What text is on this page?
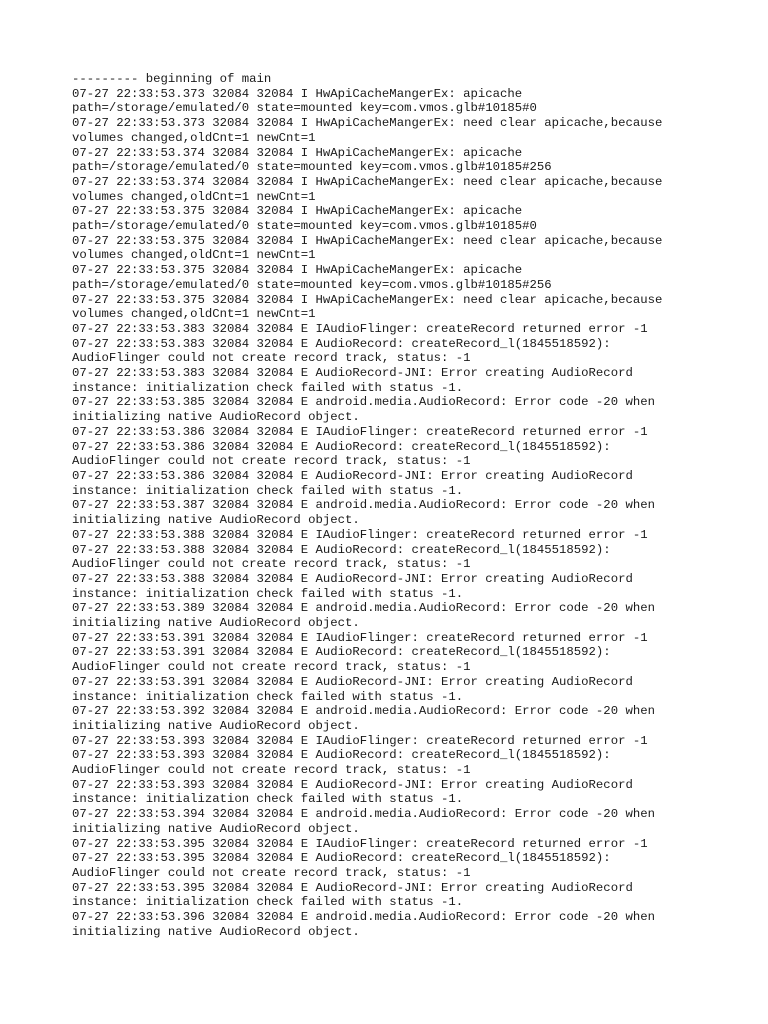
--------- beginning of main
07-27 22:33:53.373 32084 32084 I HwApiCacheMangerEx: apicache
path=/storage/emulated/0 state=mounted key=com.vmos.glb#10185#0
07-27 22:33:53.373 32084 32084 I HwApiCacheMangerEx: need clear apicache,because
volumes changed,oldCnt=1 newCnt=1
07-27 22:33:53.374 32084 32084 I HwApiCacheMangerEx: apicache
path=/storage/emulated/0 state=mounted key=com.vmos.glb#10185#256
07-27 22:33:53.374 32084 32084 I HwApiCacheMangerEx: need clear apicache,because
volumes changed,oldCnt=1 newCnt=1
07-27 22:33:53.375 32084 32084 I HwApiCacheMangerEx: apicache
path=/storage/emulated/0 state=mounted key=com.vmos.glb#10185#0
07-27 22:33:53.375 32084 32084 I HwApiCacheMangerEx: need clear apicache,because
volumes changed,oldCnt=1 newCnt=1
07-27 22:33:53.375 32084 32084 I HwApiCacheMangerEx: apicache
path=/storage/emulated/0 state=mounted key=com.vmos.glb#10185#256
07-27 22:33:53.375 32084 32084 I HwApiCacheMangerEx: need clear apicache,because
volumes changed,oldCnt=1 newCnt=1
07-27 22:33:53.383 32084 32084 E IAudioFlinger: createRecord returned error -1
07-27 22:33:53.383 32084 32084 E AudioRecord: createRecord_l(1845518592):
AudioFlinger could not create record track, status: -1
07-27 22:33:53.383 32084 32084 E AudioRecord-JNI: Error creating AudioRecord
instance: initialization check failed with status -1.
07-27 22:33:53.385 32084 32084 E android.media.AudioRecord: Error code -20 when
initializing native AudioRecord object.
07-27 22:33:53.386 32084 32084 E IAudioFlinger: createRecord returned error -1
07-27 22:33:53.386 32084 32084 E AudioRecord: createRecord_l(1845518592):
AudioFlinger could not create record track, status: -1
07-27 22:33:53.386 32084 32084 E AudioRecord-JNI: Error creating AudioRecord
instance: initialization check failed with status -1.
07-27 22:33:53.387 32084 32084 E android.media.AudioRecord: Error code -20 when
initializing native AudioRecord object.
07-27 22:33:53.388 32084 32084 E IAudioFlinger: createRecord returned error -1
07-27 22:33:53.388 32084 32084 E AudioRecord: createRecord_l(1845518592):
AudioFlinger could not create record track, status: -1
07-27 22:33:53.388 32084 32084 E AudioRecord-JNI: Error creating AudioRecord
instance: initialization check failed with status -1.
07-27 22:33:53.389 32084 32084 E android.media.AudioRecord: Error code -20 when
initializing native AudioRecord object.
07-27 22:33:53.391 32084 32084 E IAudioFlinger: createRecord returned error -1
07-27 22:33:53.391 32084 32084 E AudioRecord: createRecord_l(1845518592):
AudioFlinger could not create record track, status: -1
07-27 22:33:53.391 32084 32084 E AudioRecord-JNI: Error creating AudioRecord
instance: initialization check failed with status -1.
07-27 22:33:53.392 32084 32084 E android.media.AudioRecord: Error code -20 when
initializing native AudioRecord object.
07-27 22:33:53.393 32084 32084 E IAudioFlinger: createRecord returned error -1
07-27 22:33:53.393 32084 32084 E AudioRecord: createRecord_l(1845518592):
AudioFlinger could not create record track, status: -1
07-27 22:33:53.393 32084 32084 E AudioRecord-JNI: Error creating AudioRecord
instance: initialization check failed with status -1.
07-27 22:33:53.394 32084 32084 E android.media.AudioRecord: Error code -20 when
initializing native AudioRecord object.
07-27 22:33:53.395 32084 32084 E IAudioFlinger: createRecord returned error -1
07-27 22:33:53.395 32084 32084 E AudioRecord: createRecord_l(1845518592):
AudioFlinger could not create record track, status: -1
07-27 22:33:53.395 32084 32084 E AudioRecord-JNI: Error creating AudioRecord
instance: initialization check failed with status -1.
07-27 22:33:53.396 32084 32084 E android.media.AudioRecord: Error code -20 when
initializing native AudioRecord object.
